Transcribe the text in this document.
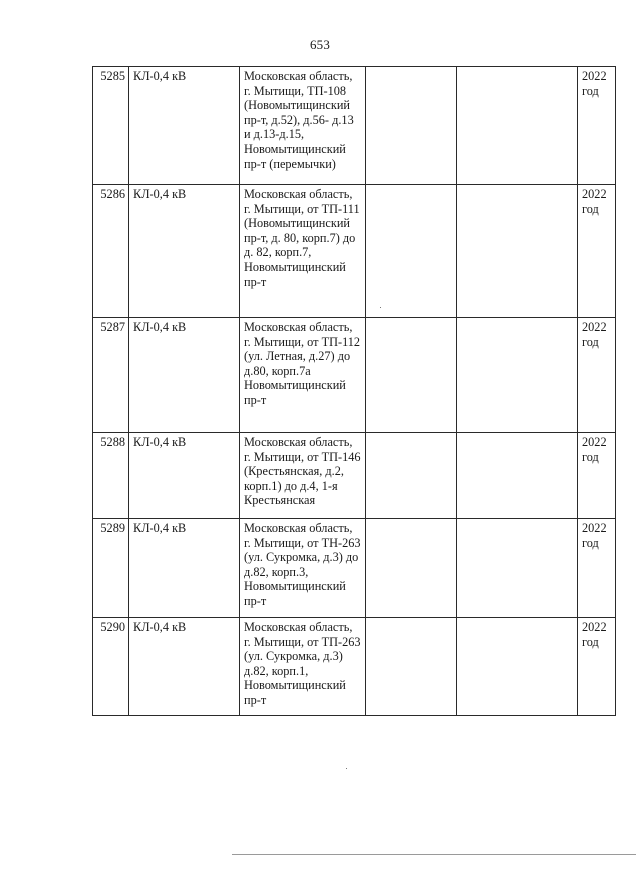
653
5285	КЛ-0,4 кВ	Московская область, г. Мытищи, ТП-108 (Новомытищинский пр-т, д.52), д.56- д.13 и д.13-д.15, Новомытищинский пр-т (перемычки)			2022 год
5286	КЛ-0,4 кВ	Московская область, г. Мытищи, от ТП-111 (Новомытищинский пр-т, д. 80, корп.7) до д. 82, корп.7, Новомытищинский пр-т			2022 год
5287	КЛ-0,4 кВ	Московская область, г. Мытищи, от ТП-112 (ул. Летная, д.27) до д.80, корп.7а Новомытищинский пр-т			2022 год
5288	КЛ-0,4 кВ	Московская область, г. Мытищи, от ТП-146 (Крестьянская, д.2, корп.1) до д.4, 1-я Крестьянская			2022 год
5289	КЛ-0,4 кВ	Московская область, г. Мытищи, от ТН-263 (ул. Сукромка, д.3) до д.82, корп.3, Новомытищинский пр-т			2022 год
5290	КЛ-0,4 кВ	Московская область, г. Мытищи, от ТП-263 (ул. Сукромка, д.3) д.82, корп.1, Новомытищинский пр-т			2022 год
